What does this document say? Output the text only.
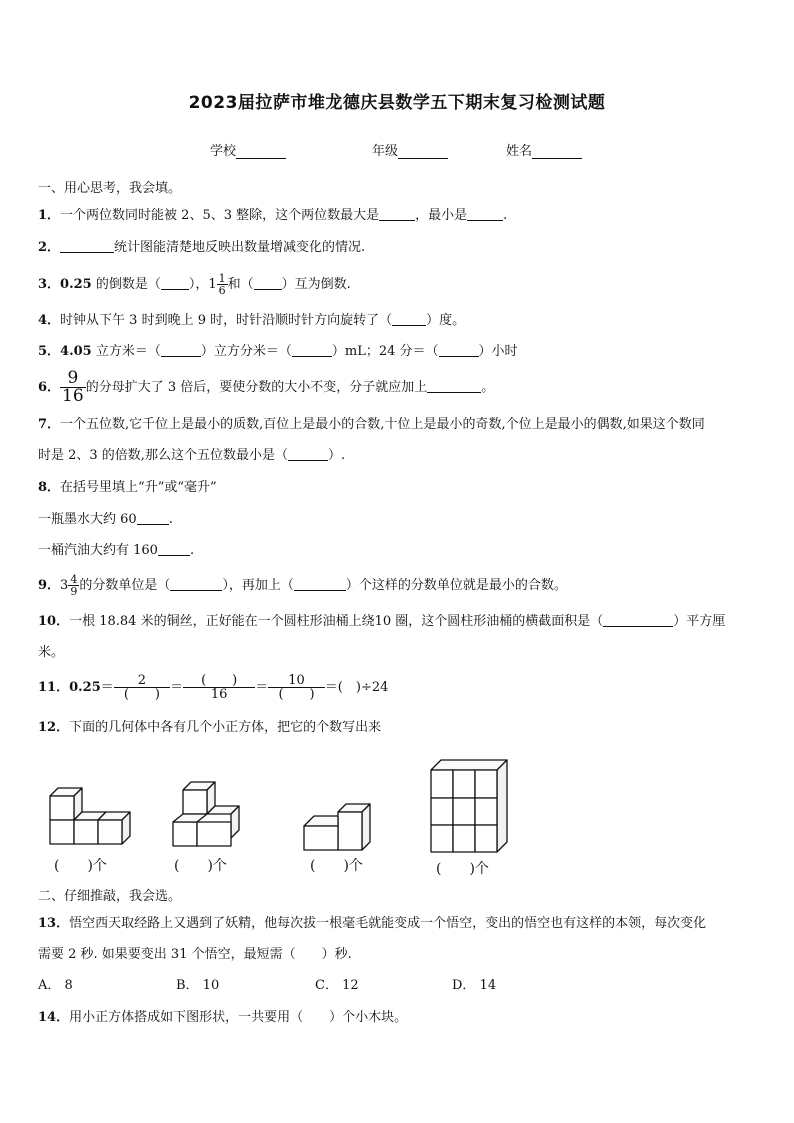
2023届拉萨市堆龙德庆县数学五下期末复习检测试题
学校	年级	姓名
一、用心思考，我会填。
1．一个两位数同时能被 2、5、3 整除，这个两位数最大是	，最小是	.
2．	统计图能清楚地反映出数量增减变化的情况.
3．0.25 的倒数是（ ），$1 \frac{1}{6}$ 和（ ）互为倒数.
4．时钟从下午 3 时到晚上 9 时，时针沿顺时针方向旋转了（	）度。
5．4.05 立方米＝（	）立方分米＝（	）mL；24 分＝（	）小时
6． $\frac{9}{16}$ 的分母扩大了 3 倍后，要使分数的大小不变，分子就应加上	。
7．一个五位数,它千位上是最小的质数,百位上是最小的合数,十位上是最小的奇数,个位上是最小的偶数,如果这个数同
时是 2、3 的倍数,那么这个五位数最小是（	）.
8．在括号里填上“升”或“毫升”
一瓶墨水大约 60 .
一桶汽油大约有 160 .
9．$3 \frac{4}{9}$ 的分数单位是（	），再加上（	）个这样的分数单位就是最小的合数。
10．一根 18.84 米的铜丝，正好能在一个圆柱形油桶上绕10 圈，这个圆柱形油桶的横截面积是（	）平方厘
米。
11．$0.25= \frac{2}{( )} = \frac{( )}{16} = \frac{10}{( )}$ ＝(　)÷24
12．下面的几何体中各有几个小正方体，把它的个数写出来
(　　)个	(　　)个	(　　)个	(　　)个
二、仔细推敲，我会选。
13．悟空西天取经路上又遇到了妖精，他每次拔一根毫毛就能变成一个悟空，变出的悟空也有这样的本领，每次变化
需要 2 秒. 如果要变出 31 个悟空，最短需（　　）秒.
A． 8	B． 10	C． 12	D． 14
14．用小正方体搭成如下图形状，一共要用（　　）个小木块。
